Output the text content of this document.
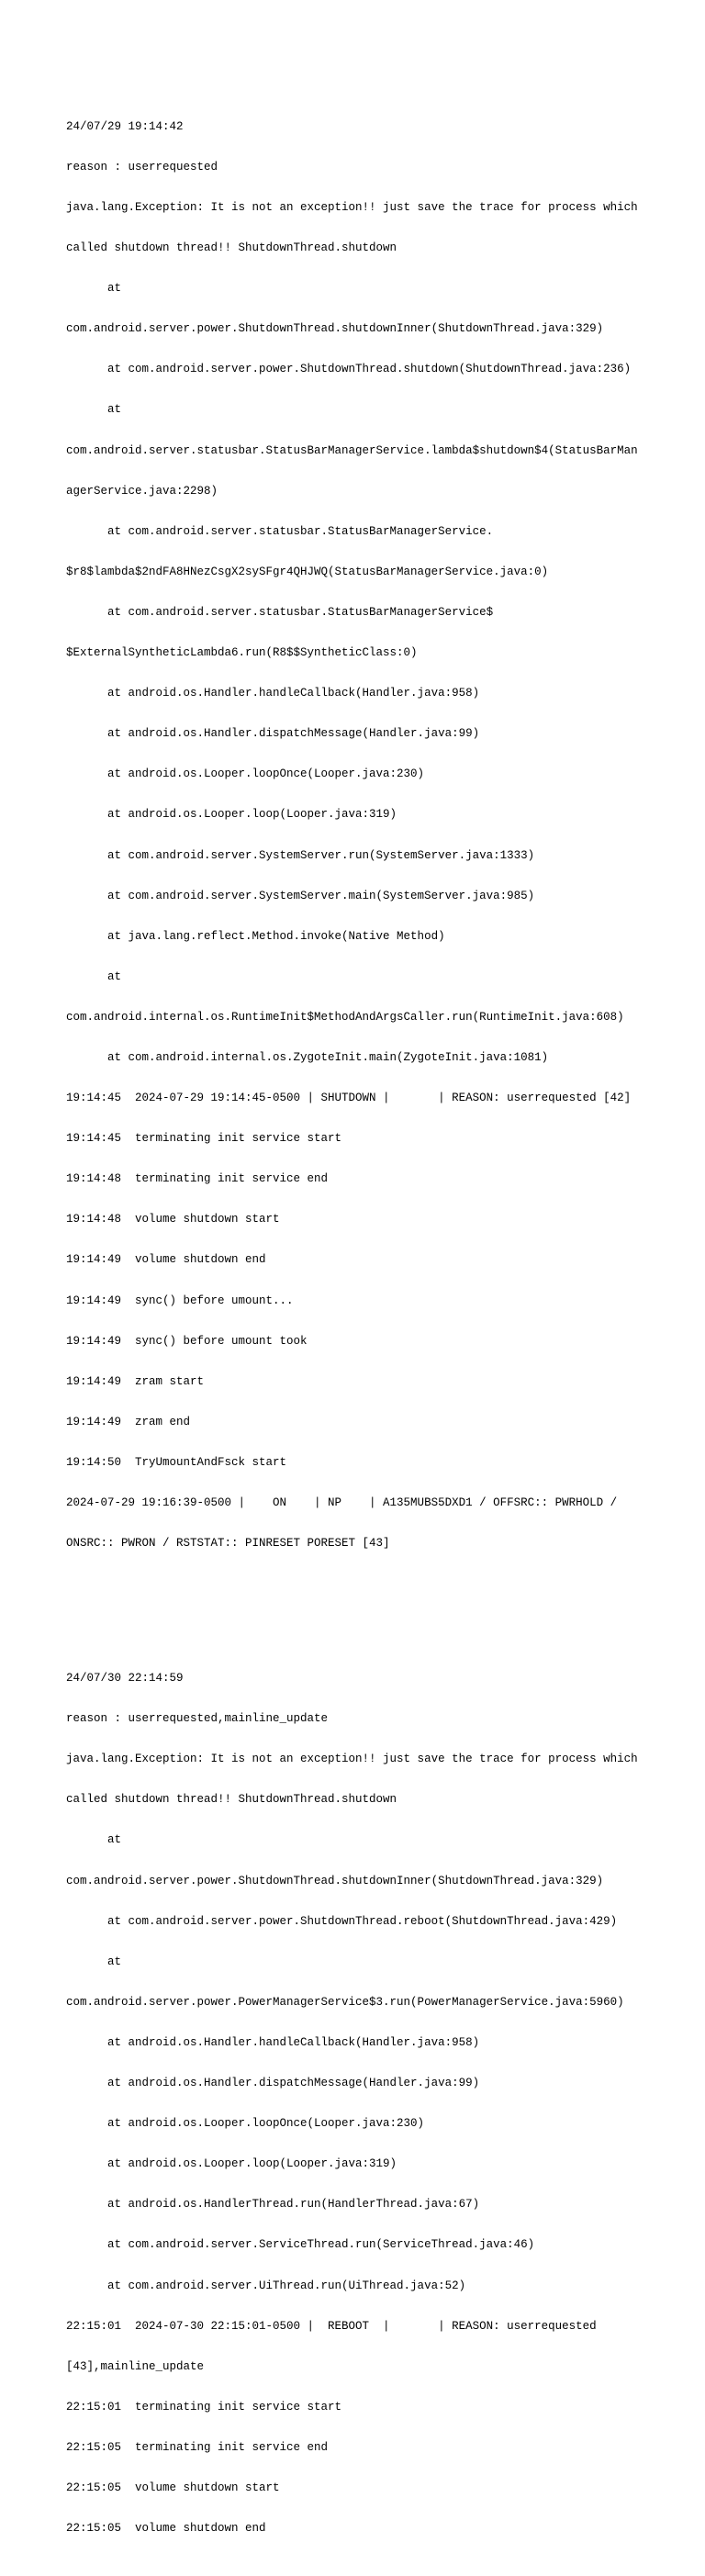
24/07/29 19:14:42

reason : userrequested

java.lang.Exception: It is not an exception!! just save the trace for process which

called shutdown thread!! ShutdownThread.shutdown

at

com.android.server.power.ShutdownThread.shutdownInner(ShutdownThread.java:329)

at com.android.server.power.ShutdownThread.shutdown(ShutdownThread.java:236)

at

com.android.server.statusbar.StatusBarManagerService.lambda$shutdown$4(StatusBarMan

agerService.java:2298)

at com.android.server.statusbar.StatusBarManagerService.

$r8$lambda$2ndFA8HNezCsgX2sySFgr4QHJWQ(StatusBarManagerService.java:0)

at com.android.server.statusbar.StatusBarManagerService$

$ExternalSyntheticLambda6.run(R8$$SyntheticClass:0)

at android.os.Handler.handleCallback(Handler.java:958)

at android.os.Handler.dispatchMessage(Handler.java:99)

at android.os.Looper.loopOnce(Looper.java:230)

at android.os.Looper.loop(Looper.java:319)

at com.android.server.SystemServer.run(SystemServer.java:1333)

at com.android.server.SystemServer.main(SystemServer.java:985)

at java.lang.reflect.Method.invoke(Native Method)

at

com.android.internal.os.RuntimeInit$MethodAndArgsCaller.run(RuntimeInit.java:608)

at com.android.internal.os.ZygoteInit.main(ZygoteInit.java:1081)

19:14:45  2024-07-29 19:14:45-0500 | SHUTDOWN |       | REASON: userrequested [42]

19:14:45  terminating init service start

19:14:48  terminating init service end

19:14:48  volume shutdown start

19:14:49  volume shutdown end

19:14:49  sync() before umount...

19:14:49  sync() before umount took

19:14:49  zram start

19:14:49  zram end

19:14:50  TryUmountAndFsck start

2024-07-29 19:16:39-0500 |    ON    | NP    | A135MUBS5DXD1 / OFFSRC:: PWRHOLD /

ONSRC:: PWRON / RSTSTAT:: PINRESET PORESET [43]

24/07/30 22:14:59

reason : userrequested,mainline_update

java.lang.Exception: It is not an exception!! just save the trace for process which

called shutdown thread!! ShutdownThread.shutdown

at

com.android.server.power.ShutdownThread.shutdownInner(ShutdownThread.java:329)

at com.android.server.power.ShutdownThread.reboot(ShutdownThread.java:429)

at

com.android.server.power.PowerManagerService$3.run(PowerManagerService.java:5960)

at android.os.Handler.handleCallback(Handler.java:958)

at android.os.Handler.dispatchMessage(Handler.java:99)

at android.os.Looper.loopOnce(Looper.java:230)

at android.os.Looper.loop(Looper.java:319)

at android.os.HandlerThread.run(HandlerThread.java:67)

at com.android.server.ServiceThread.run(ServiceThread.java:46)

at com.android.server.UiThread.run(UiThread.java:52)

22:15:01  2024-07-30 22:15:01-0500 |  REBOOT  |       | REASON: userrequested

[43],mainline_update

22:15:01  terminating init service start

22:15:05  terminating init service end

22:15:05  volume shutdown start

22:15:05  volume shutdown end
